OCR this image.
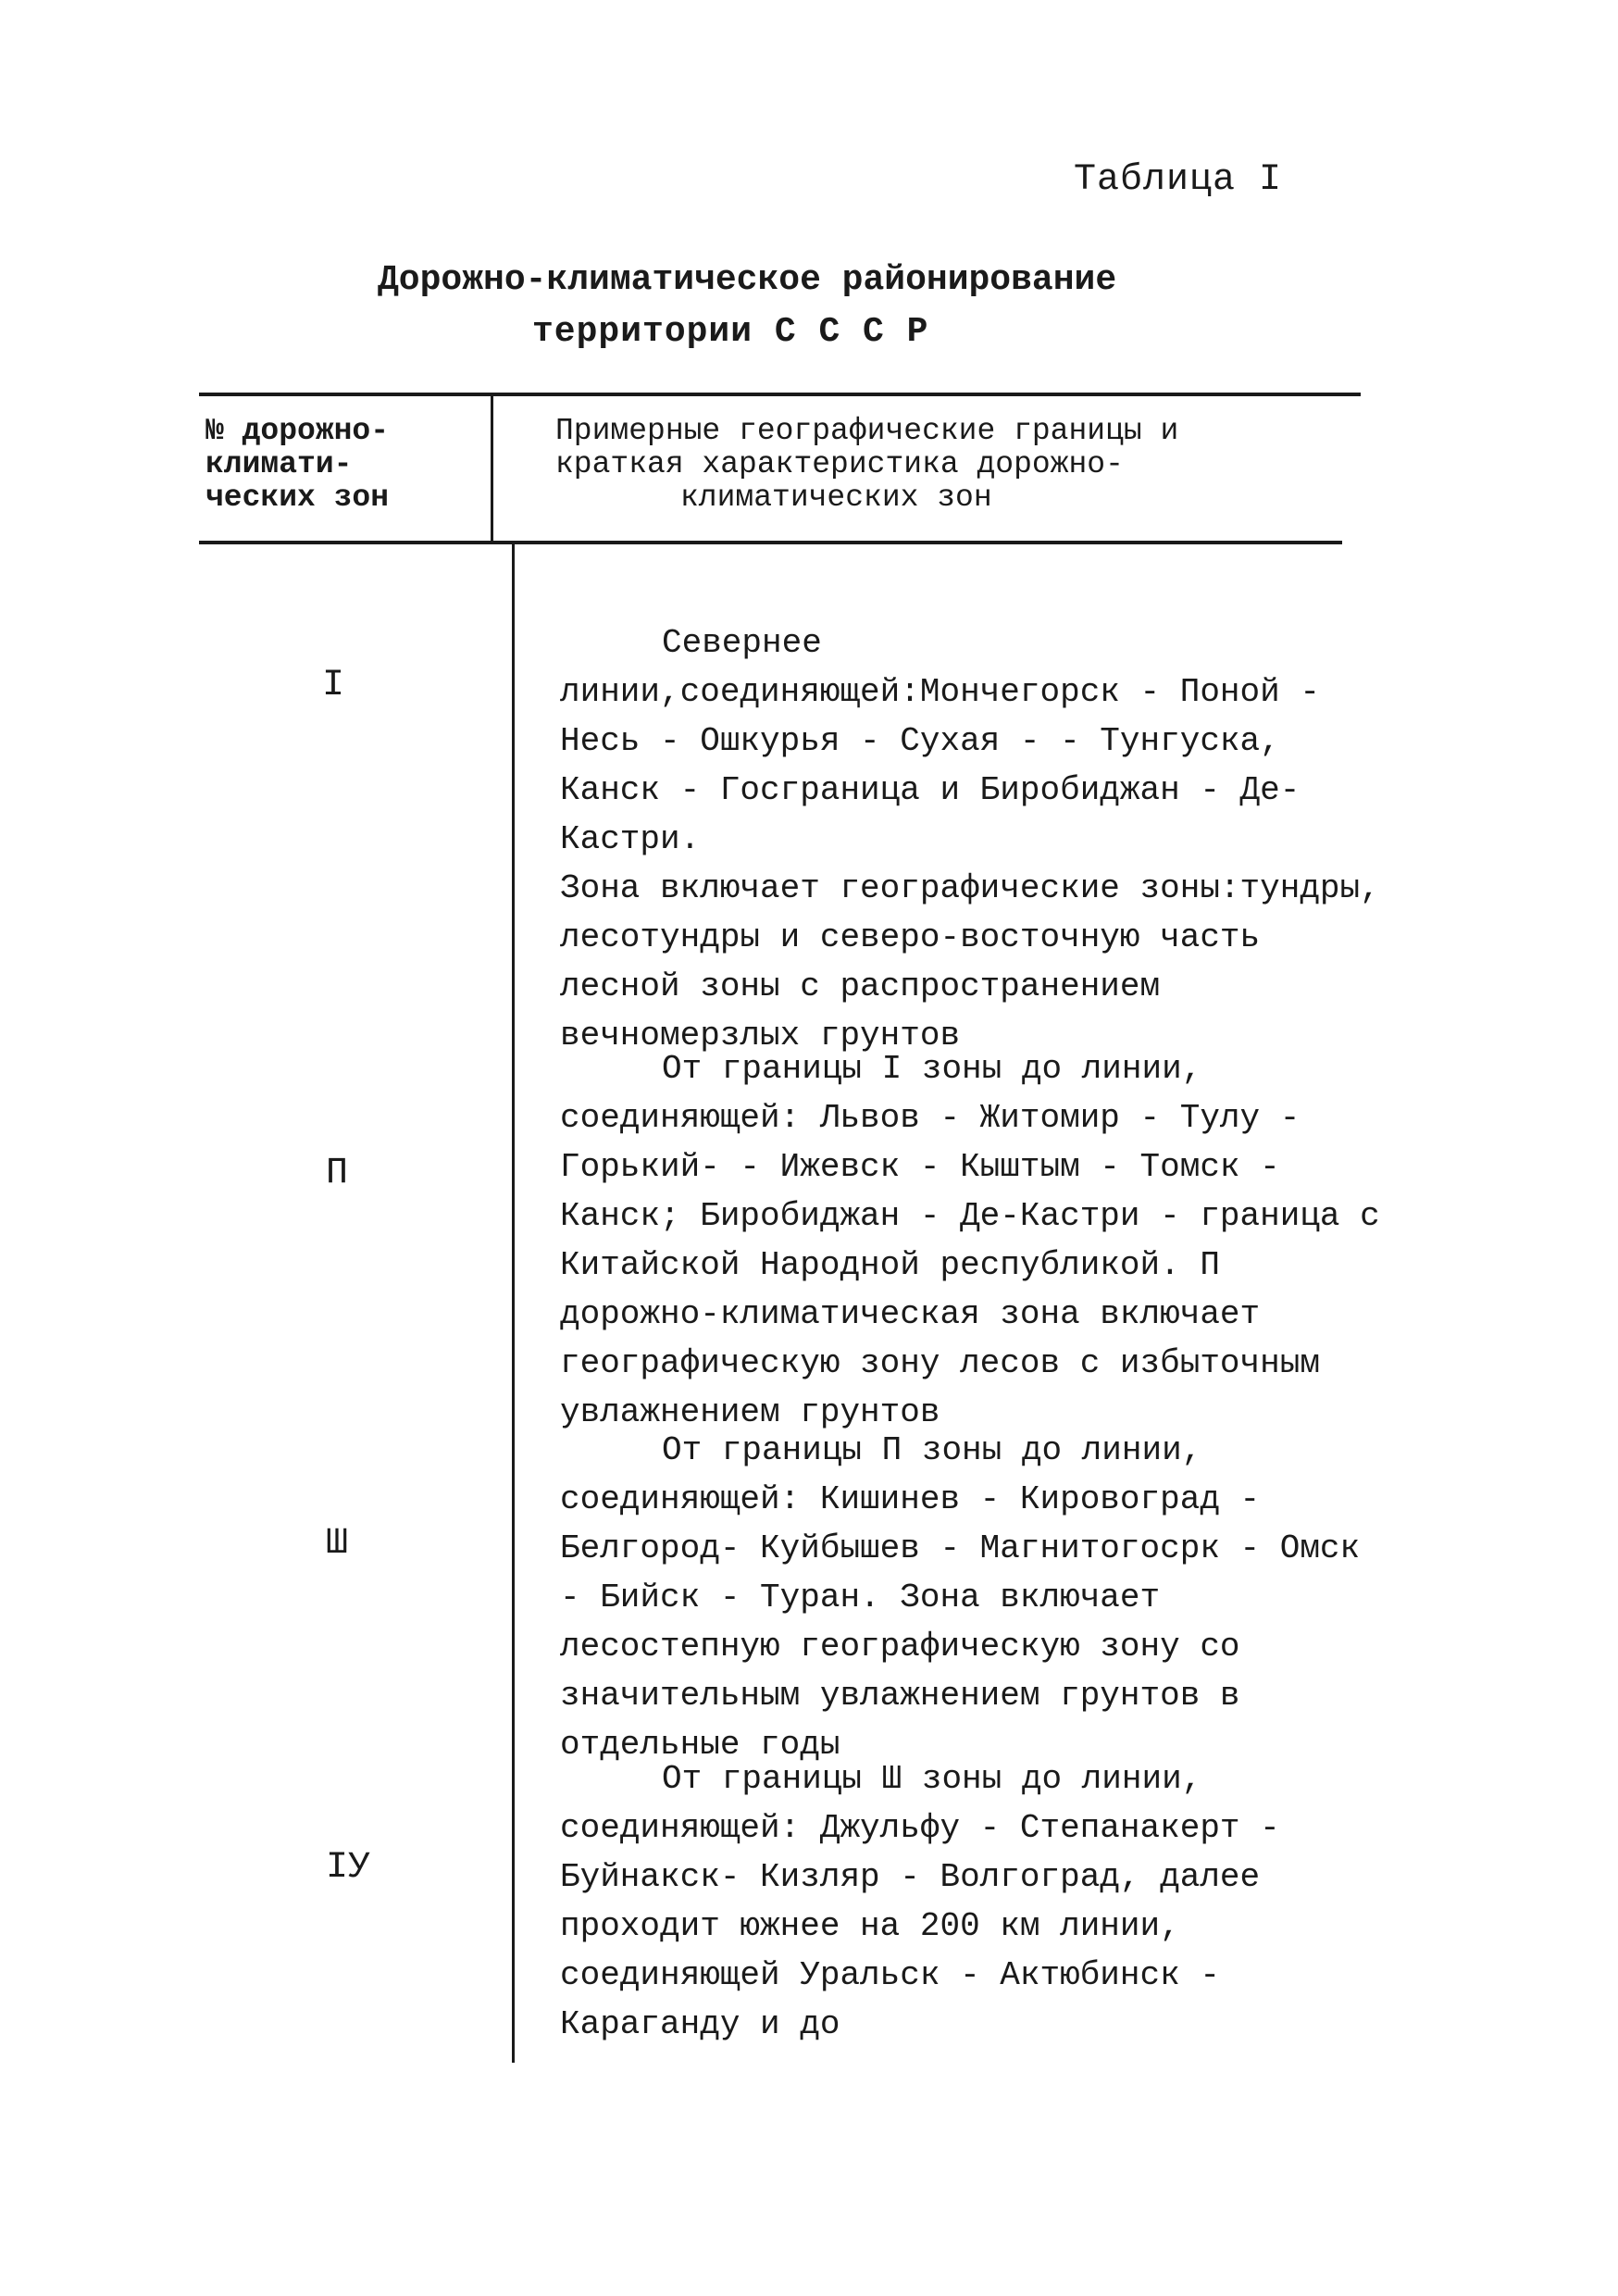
Таблица I
Дорожно-климатическое районирование
территории С С С Р
№ дорожно-
климати-
ческих зон
Примерные географические границы и
краткая характеристика дорожно-
климатических зон
I

Севернее линии,соединяющей:Мончегорск - Поной - Несь - Ошкурья - Сухая - - Тунгуска, Канск - Госграница и Биробиджан - Де-Кастри.

Зона включает географические зоны:тундры, лесотундры и северо-восточную часть лесной зоны с распространением вечномерзлых грунтов

П

От границы I зоны до линии, соединяющей: Львов - Житомир - Тулу - Горький- - Ижевск - Кыштым - Томск - Канск; Биробиджан - Де-Кастри - граница с Китайской Народной республикой. П дорожно-климатическая зона включает географическую зону лесов с избыточным увлажнением грунтов

Ш

От границы П зоны до линии, соединяющей: Кишинев - Кировоград - Белгород- Куйбышев - Магнитогосрк - Омск - Бийск - Туран. Зона включает лесостепную географическую зону со значительным увлажнением грунтов в отдельные годы

IУ

От границы Ш зоны до линии, соединяющей: Джульфу - Степанакерт - Буйнакск- Кизляр - Волгоград, далее проходит южнее на 200 км линии, соединяющей Уральск - Актюбинск - Караганду и до
